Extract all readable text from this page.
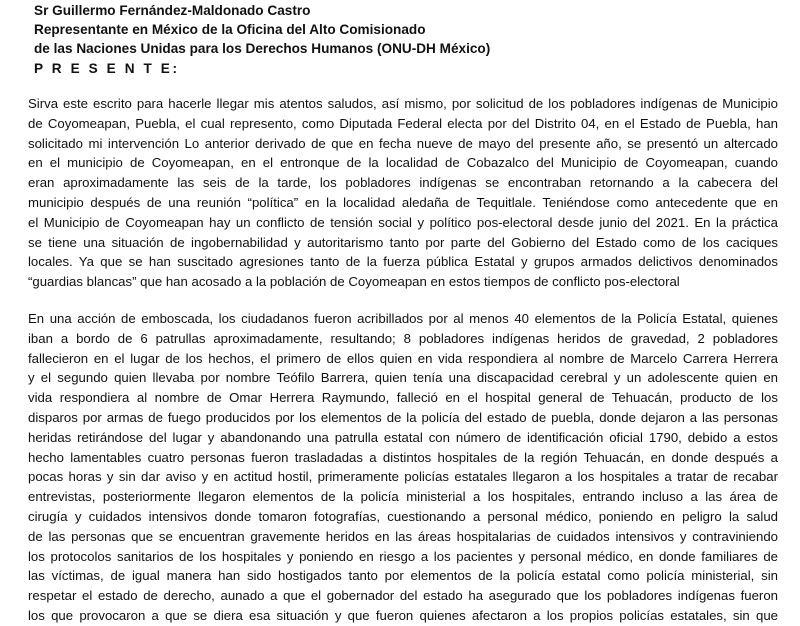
Sr Guillermo Fernández-Maldonado Castro
Representante en México de la Oficina del Alto Comisionado
de las Naciones Unidas para los Derechos Humanos (ONU-DH México)
P R E S E N T E:
Sirva este escrito para hacerle llegar mis atentos saludos, así mismo, por solicitud de los pobladores indígenas de Municipio
de Coyomeapan, Puebla, el cual represento, como Diputada Federal electa por del Distrito 04, en el Estado de Puebla, han
solicitado mi intervención Lo anterior derivado de que en fecha nueve de mayo del presente año, se presentó un altercado
en el municipio de Coyomeapan, en el entronque de la localidad de Cobazalco del Municipio de Coyomeapan, cuando
eran aproximadamente las seis de la tarde, los pobladores indígenas se encontraban retornando a la cabecera del
municipio después de una reunión “política” en la localidad aledaña de Tequitlale. Teniéndose como antecedente que en
el Municipio de Coyomeapan hay un conflicto de tensión social y político pos-electoral desde junio del 2021. En la práctica
se tiene una situación de ingobernabilidad y autoritarismo tanto por parte del Gobierno del Estado como de los caciques
locales. Ya que se han suscitado agresiones tanto de la fuerza pública Estatal y grupos armados delictivos denominados
“guardias blancas” que han acosado a la población de Coyomeapan en estos tiempos de conflicto pos-electoral
En una acción de emboscada, los ciudadanos fueron acribillados por al menos 40 elementos de la Policía Estatal, quienes
iban a bordo de 6 patrullas aproximadamente, resultando; 8 pobladores indígenas heridos de gravedad, 2 pobladores
fallecieron en el lugar de los hechos, el primero de ellos quien en vida respondiera al nombre de Marcelo Carrera Herrera
y el segundo quien llevaba por nombre Teófilo Barrera, quien tenía una discapacidad cerebral y un adolescente quien en
vida respondiera al nombre de Omar Herrera Raymundo, falleció en el hospital general de Tehuacán, producto de los
disparos por armas de fuego producidos por los elementos de la policía del estado de puebla, donde dejaron a las personas
heridas retirándose del lugar y abandonando una patrulla estatal con número de identificación oficial 1790, debido a estos
hecho lamentables cuatro personas fueron trasladadas a distintos hospitales de la región Tehuacán, en donde después a
pocas horas y sin dar aviso y en actitud hostil, primeramente policías estatales llegaron a los hospitales a tratar de recabar
entrevistas, posteriormente llegaron elementos de la policía ministerial a los hospitales, entrando incluso a las área de
cirugía y cuidados intensivos donde tomaron fotografías, cuestionando a personal médico, poniendo en peligro la salud
de las personas que se encuentran gravemente heridos en las áreas hospitalarias de cuidados intensivos y contraviniendo
los protocolos sanitarios de los hospitales y poniendo en riesgo a los pacientes y personal médico, en donde familiares de
las víctimas, de igual manera han sido hostigados tanto por elementos de la policía estatal como policía ministerial, sin
respetar el estado de derecho, aunado a que el gobernador del estado ha asegurado que los pobladores indígenas fueron
los que provocaron a que se diera esa situación y que fueron quienes afectaron a los propios policías estatales, sin que
